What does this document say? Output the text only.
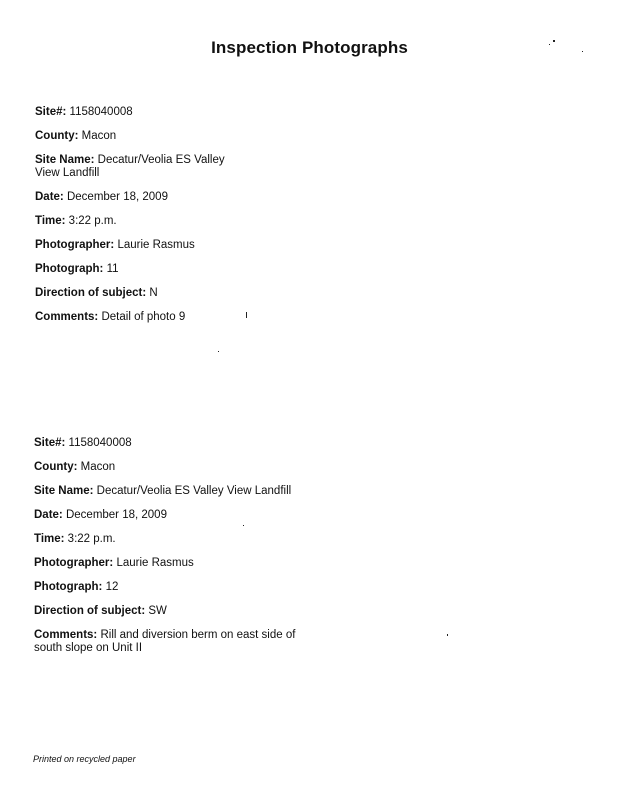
Inspection Photographs
Site#: 1158040008
County: Macon
Site Name: Decatur/Veolia ES Valley View Landfill
Date: December 18, 2009
Time: 3:22 p.m.
Photographer: Laurie Rasmus
Photograph: 11
Direction of subject: N
Comments: Detail of photo 9
Site#: 1158040008
County: Macon
Site Name: Decatur/Veolia ES Valley View Landfill
Date: December 18, 2009
Time: 3:22 p.m.
Photographer: Laurie Rasmus
Photograph: 12
Direction of subject: SW
Comments: Rill and diversion berm on east side of south slope on Unit II
Printed on recycled paper
